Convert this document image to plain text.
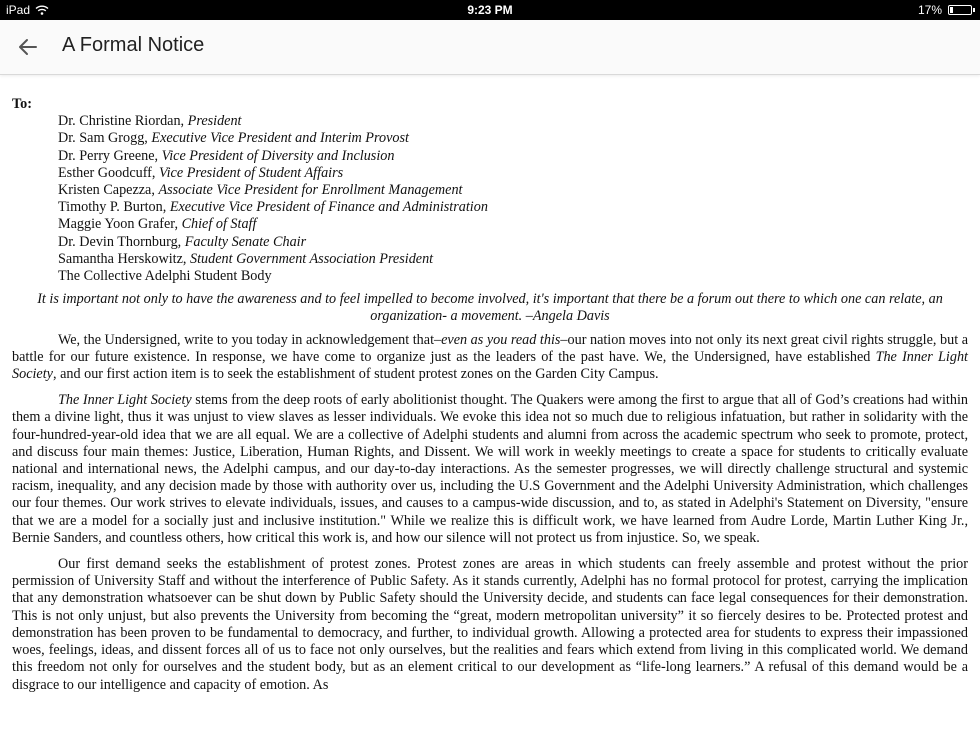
iPad	9:23 PM	17%
A Formal Notice
To:
Dr. Christine Riordan, President
Dr. Sam Grogg, Executive Vice President and Interim Provost
Dr. Perry Greene, Vice President of Diversity and Inclusion
Esther Goodcuff, Vice President of Student Affairs
Kristen Capezza, Associate Vice President for Enrollment Management
Timothy P. Burton, Executive Vice President of Finance and Administration
Maggie Yoon Grafer, Chief of Staff
Dr. Devin Thornburg, Faculty Senate Chair
Samantha Herskowitz, Student Government Association President
The Collective Adelphi Student Body

It is important not only to have the awareness and to feel impelled to become involved, it's important that there be a forum out there to which one can relate, an organization- a movement. –Angela Davis

We, the Undersigned, write to you today in acknowledgement that–even as you read this–our nation moves into not only its next great civil rights struggle, but a battle for our future existence. In response, we have come to organize just as the leaders of the past have. We, the Undersigned, have established The Inner Light Society, and our first action item is to seek the establishment of student protest zones on the Garden City Campus.

The Inner Light Society stems from the deep roots of early abolitionist thought. The Quakers were among the first to argue that all of God’s creations had within them a divine light, thus it was unjust to view slaves as lesser individuals. We evoke this idea not so much due to religious infatuation, but rather in solidarity with the four-hundred-year-old idea that we are all equal. We are a collective of Adelphi students and alumni from across the academic spectrum who seek to promote, protect, and discuss four main themes: Justice, Liberation, Human Rights, and Dissent. We will work in weekly meetings to create a space for students to critically evaluate national and international news, the Adelphi campus, and our day-to-day interactions. As the semester progresses, we will directly challenge structural and systemic racism, inequality, and any decision made by those with authority over us, including the U.S Government and the Adelphi University Administration, which challenges our four themes. Our work strives to elevate individuals, issues, and causes to a campus-wide discussion, and to, as stated in Adelphi's Statement on Diversity, "ensure that we are a model for a socially just and inclusive institution." While we realize this is difficult work, we have learned from Audre Lorde, Martin Luther King Jr., Bernie Sanders, and countless others, how critical this work is, and how our silence will not protect us from injustice. So, we speak.

Our first demand seeks the establishment of protest zones. Protest zones are areas in which students can freely assemble and protest without the prior permission of University Staff and without the interference of Public Safety. As it stands currently, Adelphi has no formal protocol for protest, carrying the implication that any demonstration whatsoever can be shut down by Public Safety should the University decide, and students can face legal consequences for their demonstration. This is not only unjust, but also prevents the University from becoming the “great, modern metropolitan university” it so fiercely desires to be. Protected protest and demonstration has been proven to be fundamental to democracy, and further, to individual growth. Allowing a protected area for students to express their impassioned woes, feelings, ideas, and dissent forces all of us to face not only ourselves, but the realities and fears which extend from living in this complicated world. We demand this freedom not only for ourselves and the student body, but as an element critical to our development as “life-long learners.” A refusal of this demand would be a disgrace to our intelligence and capacity of emotion. As
